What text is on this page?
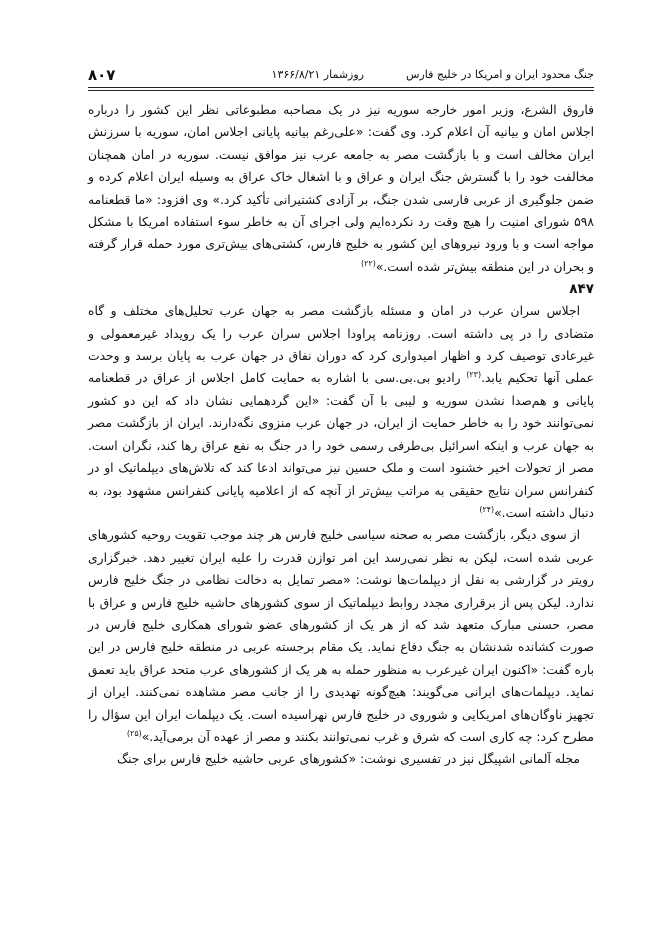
جنگ محدود ایران و امریکا در خلیج فارس
روزشمار ۱۳۶۶/۸/۲۱
۸۰۷

فاروق الشرع، وزیر امور خارجه سوریه نیز در یک مصاحبه مطبوعاتی نظر این کشور را درباره اجلاس امان و بیانیه آن اعلام کرد. وی گفت: «علی‌رغم بیانیه پایانی اجلاس امان، سوریه با سرزنش ایران مخالف است و با بازگشت مصر به جامعه عرب نیز موافق نیست. سوریه در امان همچنان مخالفت خود را با گسترش جنگ ایران و عراق و با اشغال خاک عراق به وسیله ایران اعلام کرده و ضمن جلوگیری از عربی فارسی شدن جنگ، بر آزادی کشتیرانی تأکید کرد.» وی افزود: «ما قطعنامه ۵۹۸ شورای امنیت را هیچ وقت رد نکرده‌ایم ولی اجرای آن به خاطر سوء استفاده امریکا با مشکل مواجه است و با ورود نیروهای این کشور به خلیج فارس، کشتی‌های بیش‌تری مورد حمله قرار گرفته و بحران در این منطقه بیش‌تر شده است.»$^{(۲۲)}$

۸۴۷

اجلاس سران عرب در امان و مسئله بازگشت مصر به جهان عرب تحلیل‌های مختلف و گاه متضادی را در پی داشته است. روزنامه پراودا اجلاس سران عرب را یک رویداد غیرمعمولی و غیرعادی توصیف کرد و اظهار امیدواری کرد که دوران نفاق در جهان عرب به پایان برسد و وحدت عملی آنها تحکیم یابد.$^{(۲۳)}$ رادیو بی.بی.سی با اشاره به حمایت کامل اجلاس از عراق در قطعنامه پایانی و هم‌صدا نشدن سوریه و لیبی با آن گفت: «این گردهمایی نشان داد که این دو کشور نمی‌توانند خود را به خاطر حمایت از ایران، در جهان عرب منزوی نگه‌دارند. ایران از بازگشت مصر به جهان عرب و اینکه اسرائیل بی‌طرفی رسمی خود را در جنگ به نفع عراق رها کند، نگران است. مصر از تحولات اخیر خشنود است و ملک حسین نیز می‌تواند ادعا کند که تلاش‌های دیپلماتیک او در کنفرانس سران نتایج حقیقی به مراتب بیش‌تر از آنچه که از اعلامیه پایانی کنفرانس مشهود بود، به دنبال داشته است.»$^{(۲۴)}$

از سوی دیگر، بازگشت مصر به صحنه سیاسی خلیج فارس هر چند موجب تقویت روحیه کشورهای عربی شده است، لیکن به نظر نمی‌رسد این امر توازن قدرت را علیه ایران تغییر دهد. خبرگزاری رویتر در گزارشی به نقل از دیپلمات‌ها نوشت: «مصر تمایل به دخالت نظامی در جنگ خلیج فارس ندارد. لیکن پس از برقراری مجدد روابط دیپلماتیک از سوی کشورهای حاشیه خلیج فارس و عراق با مصر، حسنی مبارک متعهد شد که از هر یک از کشورهای عضو شورای همکاری خلیج فارس در صورت کشانده شدنشان به جنگ دفاع نماید. یک مقام برجسته عربی در منطقه خلیج فارس در این باره گفت: «اکنون ایران غیرعرب به منظور حمله به هر یک از کشورهای عرب متحد عراق باید تعمق نماید. دیپلمات‌های ایرانی می‌گویند: هیچ‌گونه تهدیدی را از جانب مصر مشاهده نمی‌کنند. ایران از تجهیز ناوگان‌های امریکایی و شوروی در خلیج فارس نهراسیده است. یک دیپلمات ایران این سؤال را مطرح کرد: چه کاری است که شرق و غرب نمی‌توانند بکنند و مصر از عهده آن برمی‌آید.»$^{(۲۵)}$

مجله آلمانی اشپیگل نیز در تفسیری نوشت: «کشورهای عربی حاشیه خلیج فارس برای جنگ
